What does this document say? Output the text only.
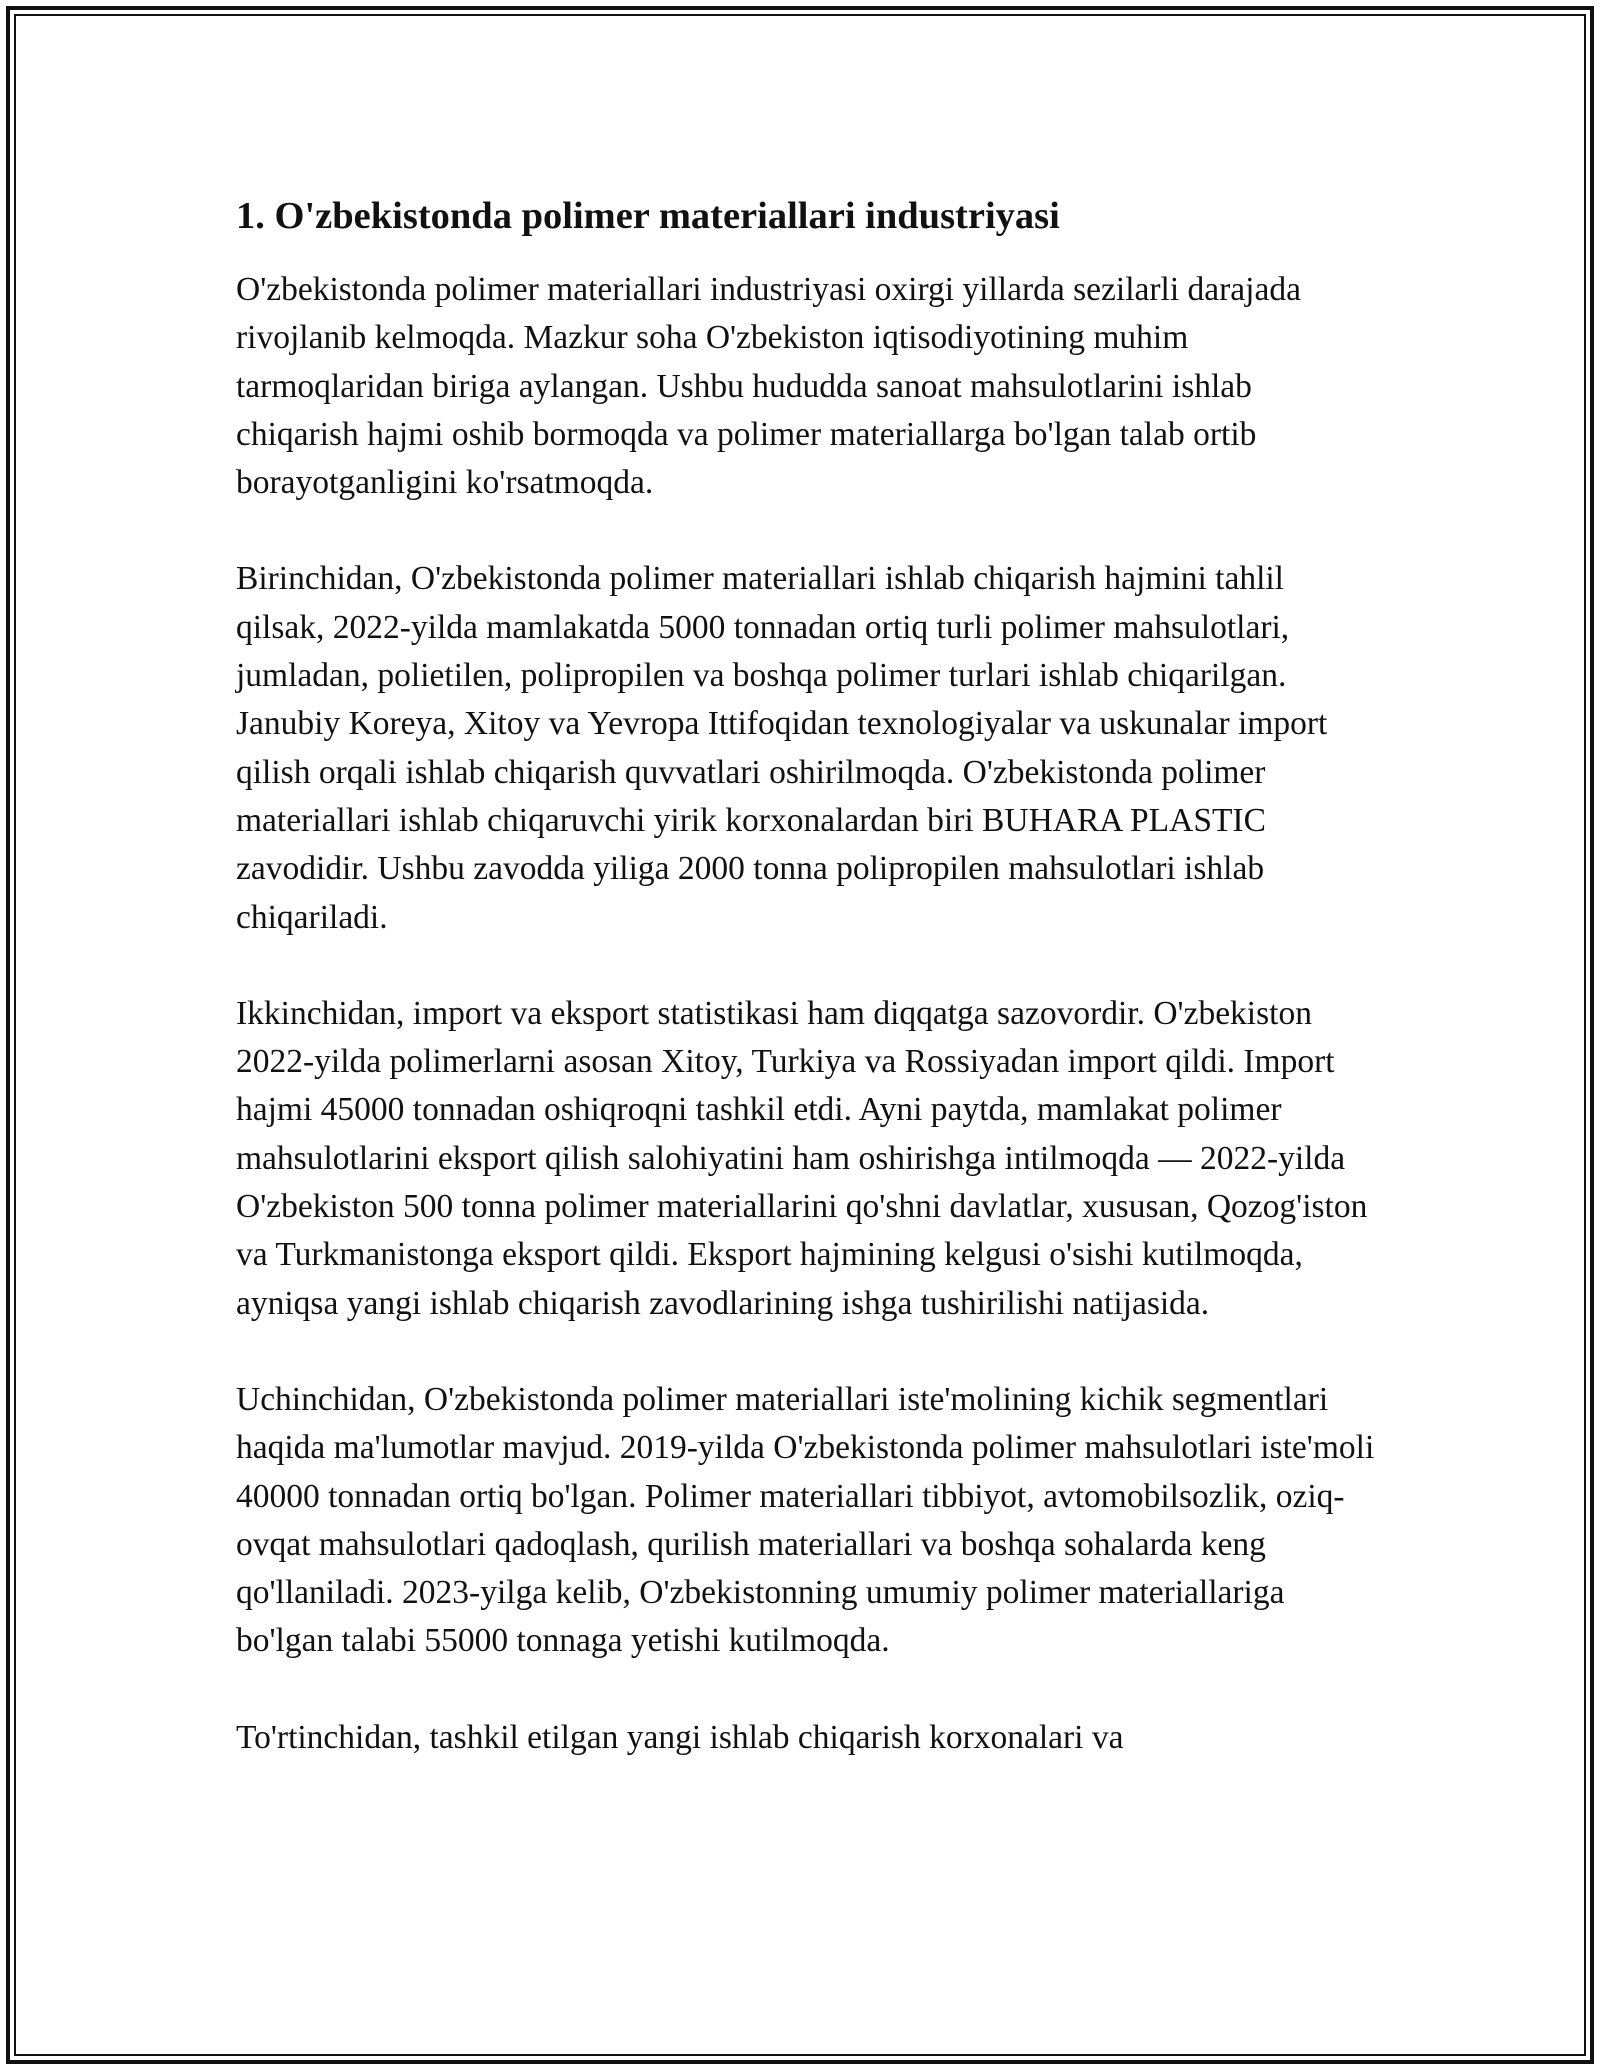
1. O'zbekistonda polimer materiallari industriyasi

O'zbekistonda polimer materiallari industriyasi oxirgi yillarda sezilarli darajada rivojlanib kelmoqda. Mazkur soha O'zbekiston iqtisodiyotining muhim tarmoqlaridan biriga aylangan. Ushbu hududda sanoat mahsulotlarini ishlab chiqarish hajmi oshib bormoqda va polimer materiallarga bo'lgan talab ortib borayotganligini ko'rsatmoqda.

Birinchidan, O'zbekistonda polimer materiallari ishlab chiqarish hajmini tahlil qilsak, 2022-yilda mamlakatda 5000 tonnadan ortiq turli polimer mahsulotlari, jumladan, polietilen, polipropilen va boshqa polimer turlari ishlab chiqarilgan. Janubiy Koreya, Xitoy va Yevropa Ittifoqidan texnologiyalar va uskunalar import qilish orqali ishlab chiqarish quvvatlari oshirilmoqda. O'zbekistonda polimer materiallari ishlab chiqaruvchi yirik korxonalardan biri BUHARA PLASTIC zavodidir. Ushbu zavodda yiliga 2000 tonna polipropilen mahsulotlari ishlab chiqariladi.

Ikkinchidan, import va eksport statistikasi ham diqqatga sazovordir. O'zbekiston 2022-yilda polimerlarni asosan Xitoy, Turkiya va Rossiyadan import qildi. Import hajmi 45000 tonnadan oshiqroqni tashkil etdi. Ayni paytda, mamlakat polimer mahsulotlarini eksport qilish salohiyatini ham oshirishga intilmoqda — 2022-yilda O'zbekiston 500 tonna polimer materiallarini qo'shni davlatlar, xususan, Qozog'iston va Turkmanistonga eksport qildi. Eksport hajmining kelgusi o'sishi kutilmoqda, ayniqsa yangi ishlab chiqarish zavodlarining ishga tushirilishi natijasida.

Uchinchidan, O'zbekistonda polimer materiallari iste'molining kichik segmentlari haqida ma'lumotlar mavjud. 2019-yilda O'zbekistonda polimer mahsulotlari iste'moli 40000 tonnadan ortiq bo'lgan. Polimer materiallari tibbiyot, avtomobilsozlik, oziq-ovqat mahsulotlari qadoqlash, qurilish materiallari va boshqa sohalarda keng qo'llaniladi. 2023-yilga kelib, O'zbekistonning umumiy polimer materiallariga bo'lgan talabi 55000 tonnaga yetishi kutilmoqda.

To'rtinchidan, tashkil etilgan yangi ishlab chiqarish korxonalari va
